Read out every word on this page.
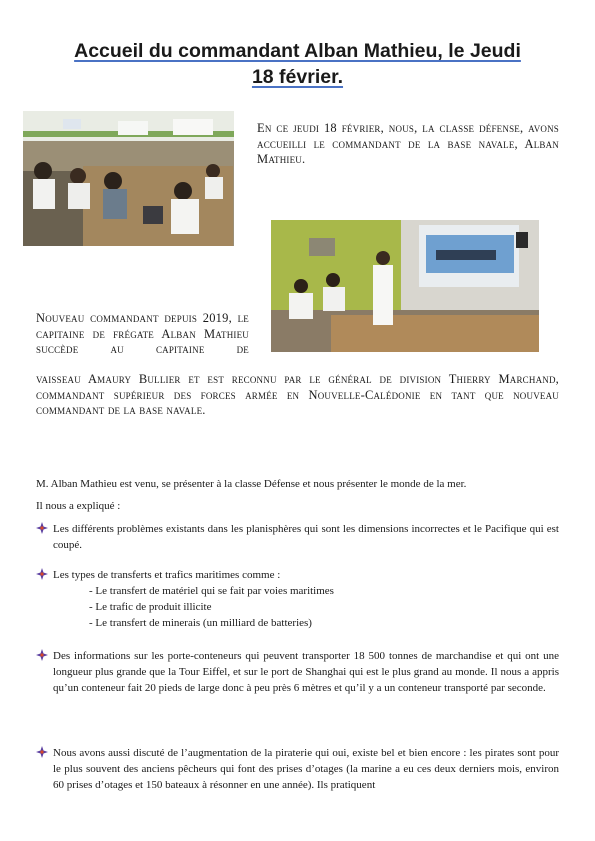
Accueil du commandant Alban Mathieu, le Jeudi
18 février.
En ce jeudi 18 février, nous, la classe défense, avons accueilli le commandant de la base navale, Alban Mathieu.
Nouveau commandant depuis 2019, le capitaine de frégate Alban Mathieu succède au capitaine de
vaisseau Amaury Bullier et est reconnu par le général de division Thierry Marchand, commandant supérieur des forces armée en Nouvelle-Calédonie en tant que nouveau commandant de la base navale.
M. Alban Mathieu est venu, se présenter à la classe Défense et nous présenter le monde de la mer.
Il nous a expliqué :
Les différents problèmes existants dans les planisphères qui sont les dimensions incorrectes et le Pacifique qui est coupé.
Les types de transferts et trafics maritimes comme :
- Le transfert de matériel qui se fait par voies maritimes
- Le trafic de produit illicite
- Le transfert de minerais (un milliard de batteries)
Des informations sur les porte-conteneurs qui peuvent transporter 18 500 tonnes de marchandise et qui ont une longueur plus grande que la Tour Eiffel, et sur le port de Shanghai qui est le plus grand au monde. Il nous a appris qu’un conteneur fait 20 pieds de large donc à peu près 6 mètres et qu’il y a un conteneur transporté par seconde.
Nous avons aussi discuté de l’augmentation de la piraterie qui oui, existe bel et bien encore : les pirates sont pour le plus souvent des anciens pêcheurs qui font des prises d’otages (la marine a eu ces deux derniers mois, environ 60 prises d’otages et 150 bateaux à résonner en une année). Ils pratiquent
